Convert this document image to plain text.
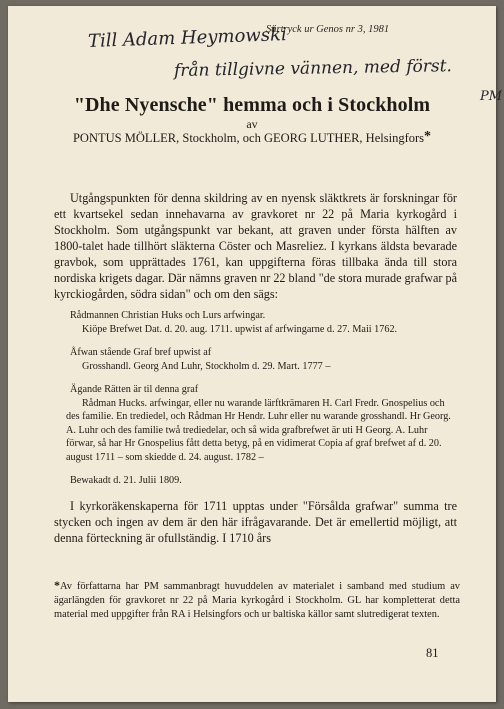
Till Adam Heymowski
från tillgivne vännen, med först.
PM
Särtryck ur Genos nr 3, 1981
"Dhe Nyensche" hemma och i Stockholm
av
PONTUS MÖLLER, Stockholm, och GEORG LUTHER, Helsingfors*

Utgångspunkten för denna skildring av en nyensk släktkrets är forskningar för ett kvartsekel sedan innehavarna av gravkoret nr 22 på Maria kyrkogård i Stockholm. Som utgångspunkt var bekant, att graven under första hälften av 1800-talet hade tillhört släkterna Cöster och Masreliez. I kyrkans äldsta bevarade gravbok, som upprättades 1761, kan uppgifterna föras tillbaka ända till stora nordiska krigets dagar. Där nämns graven nr 22 bland "de stora murade grafwar på kyrckiogården, södra sidan" och om den sägs:

Rådmannen Christian Huks och Lurs arfwingar.

Kiöpe Brefwet Dat. d. 20. aug. 1711. upwist af arfwingarne d. 27. Maii 1762.

Åfwan stående Graf bref upwist af

Grosshandl. Georg And Luhr, Stockholm d. 29. Mart. 1777 –

Ägande Rätten är til denna graf

Rådman Hucks. arfwingar, eller nu warande lärftkrämaren H. Carl Fredr. Gnospelius och des familie. En trediedel, och Rådman Hr Hendr. Luhr eller nu warande grosshandl. Hr Georg. A. Luhr och des familie twå trediedelar, och så wida grafbrefwet är uti H Georg. A. Luhr förwar, så har Hr Gnospelius fått detta betyg, på en vidimerat Copia af graf brefwet af d. 20. august 1711 – som skiedde d. 24. august. 1782 –

Bewakadt d. 21. Julii 1809.

I kyrkoräkenskaperna för 1711 upptas under "Försålda grafwar" summa tre stycken och ingen av dem är den här ifrågavarande. Det är emellertid möjligt, att denna förteckning är ofullständig. I 1710 års

*Av författarna har PM sammanbragt huvuddelen av materialet i samband med studium av ägarlängden för gravkoret nr 22 på Maria kyrkogård i Stockholm. GL har kompletterat detta material med uppgifter från RA i Helsingfors och ur baltiska källor samt slutredigerat texten.
81
